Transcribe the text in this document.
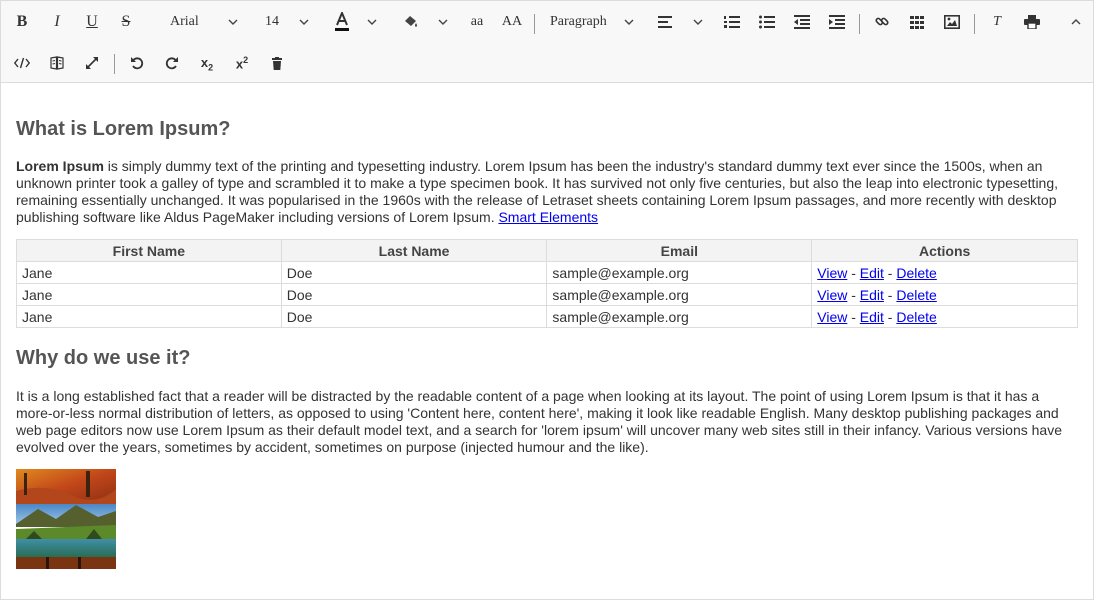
B I U S	Arial	14	aa AA Paragraph	T
$x_2$ $x^2$
What is Lorem Ipsum?

Lorem Ipsum is simply dummy text of the printing and typesetting industry. Lorem Ipsum has been the industry's standard dummy text ever since the 1500s, when an unknown printer took a galley of type and scrambled it to make a type specimen book. It has survived not only five centuries, but also the leap into electronic typesetting, remaining essentially unchanged. It was popularised in the 1960s with the release of Letraset sheets containing Lorem Ipsum passages, and more recently with desktop publishing software like Aldus PageMaker including versions of Lorem Ipsum. Smart Elements

First Name	Last Name	Email	Actions
Jane	Doe	sample@example.org	View - Edit - Delete
Jane	Doe	sample@example.org	View - Edit - Delete
Jane	Doe	sample@example.org	View - Edit - Delete
Why do we use it?

It is a long established fact that a reader will be distracted by the readable content of a page when looking at its layout. The point of using Lorem Ipsum is that it has a more-or-less normal distribution of letters, as opposed to using 'Content here, content here', making it look like readable English. Many desktop publishing packages and web page editors now use Lorem Ipsum as their default model text, and a search for 'lorem ipsum' will uncover many web sites still in their infancy. Various versions have evolved over the years, sometimes by accident, sometimes on purpose (injected humour and the like).
